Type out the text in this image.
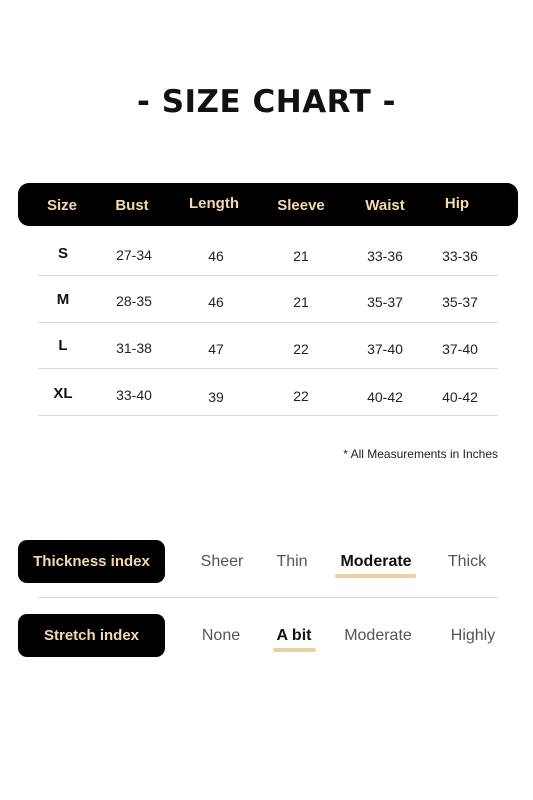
- SIZE CHART -
Size	Bust	Length	Sleeve	Waist	Hip
S	27-34	46	21	33-36	33-36
M	28-35	46	21	35-37	35-37
L	31-38	47	22	37-40	37-40
XL	33-40	39	22	40-42	40-42
* All Measurements in Inches
Thickness index	Sheer Thin Moderate Thick
Stretch index	None A bit Moderate Highly
